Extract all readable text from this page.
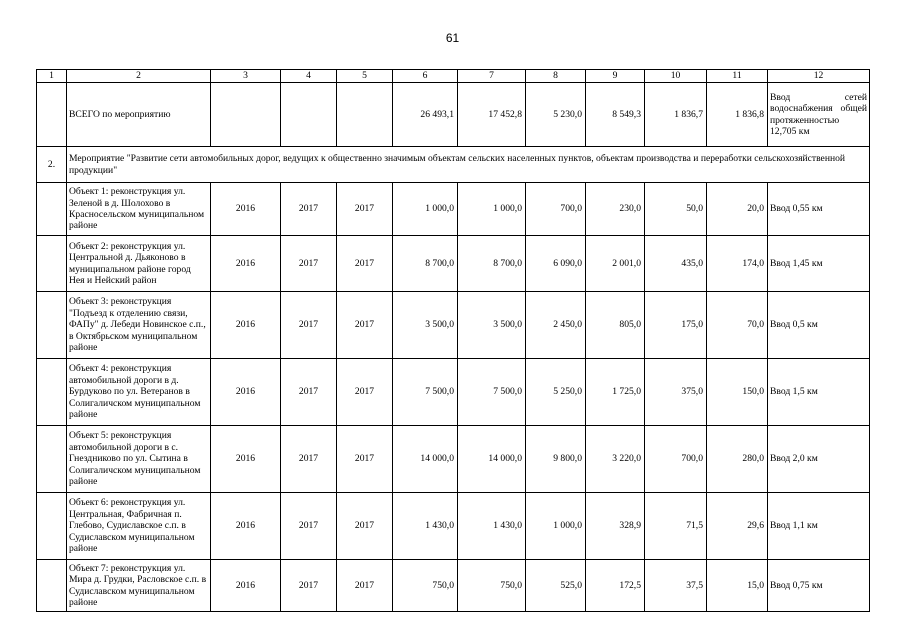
61
1	2	3	4	5	6	7	8	9	10	11	12
	ВСЕГО по мероприятию				26 493,1	17 452,8	5 230,0	8 549,3	1 836,7	1 836,8	Ввод сетей водоснабжения общей протяженностью 12,705 км
2.	Мероприятие "Развитие сети автомобильных дорог, ведущих к общественно значимым объектам сельских населенных пунктов, объектам производства и переработки сельскохозяйственной продукции"										
	Объект 1: реконструкция ул. Зеленой в д. Шолохово в Красносельском муниципальном районе	2016	2017	2017	1 000,0	1 000,0	700,0	230,0	50,0	20,0	Ввод 0,55 км
	Объект 2: реконструкция ул. Центральной д. Дьяконово в муниципальном районе город Нея и Нейский район	2016	2017	2017	8 700,0	8 700,0	6 090,0	2 001,0	435,0	174,0	Ввод 1,45 км
	Объект 3: реконструкция "Подъезд к отделению связи, ФАПу" д. Лебеди Новинское с.п., в Октябрьском муниципальном районе	2016	2017	2017	3 500,0	3 500,0	2 450,0	805,0	175,0	70,0	Ввод 0,5 км
	Объект 4: реконструкция автомобильной дороги в д. Бурдуково по ул. Ветеранов в Солигаличском муниципальном районе	2016	2017	2017	7 500,0	7 500,0	5 250,0	1 725,0	375,0	150,0	Ввод 1,5 км
	Объект 5: реконструкция автомобильной дороги в с. Гнездниково по ул. Сытина в Солигаличском муниципальном районе	2016	2017	2017	14 000,0	14 000,0	9 800,0	3 220,0	700,0	280,0	Ввод 2,0 км
	Объект 6: реконструкция ул. Центральная, Фабричная п. Глебово, Судиславское с.п. в Судиславском муниципальном районе	2016	2017	2017	1 430,0	1 430,0	1 000,0	328,9	71,5	29,6	Ввод 1,1 км
	Объект 7: реконструкция ул. Мира д. Грудки, Расловское с.п. в Судиславском муниципальном районе	2016	2017	2017	750,0	750,0	525,0	172,5	37,5	15,0	Ввод 0,75 км
